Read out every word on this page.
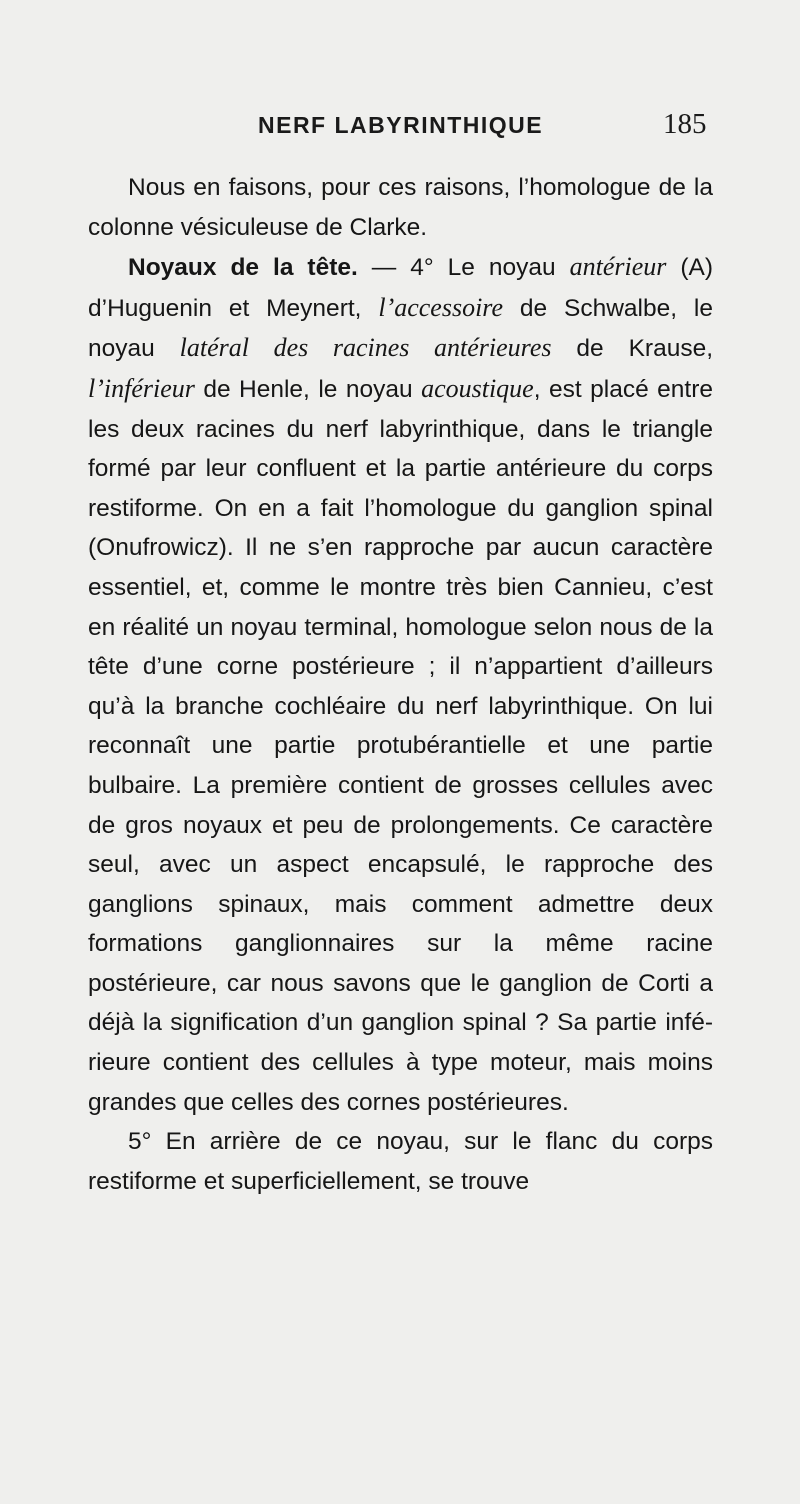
NERF LABYRINTHIQUE	185

Nous en faisons, pour ces raisons, l’homologue de la colonne vésiculeuse de Clarke.

Noyaux de la tête. — 4° Le noyau antérieur (A) d’Huguenin et Meynert, l’accessoire de Schwalbe, le noyau latéral des racines antérieures de Krause, l’inférieur de Henle, le noyau acoustique, est placé entre les deux racines du nerf labyrinthique, dans le triangle formé par leur confluent et la partie antérieure du corps restiforme. On en a fait l’homologue du ganglion spinal (Onufrowicz). Il ne s’en rapproche par aucun caractère essentiel, et, comme le montre très bien Cannieu, c’est en réalité un noyau terminal, homologue selon nous de la tête d’une corne postérieure ; il n’appartient d’ailleurs qu’à la branche cochléaire du nerf labyrinthique. On lui reconnaît une partie protubérantielle et une partie bulbaire. La première contient de grosses cellules avec de gros noyaux et peu de prolongements. Ce caractère seul, avec un aspect encapsulé, le rapproche des ganglions spinaux, mais comment admettre deux formations ganglionnaires sur la même racine postérieure, car nous savons que le ganglion de Corti a déjà la signification d’un ganglion spinal ? Sa partie inférieure contient des cellules à type moteur, mais moins grandes que celles des cornes postérieures.

5° En arrière de ce noyau, sur le flanc du corps restiforme et superficiellement, se trouve
